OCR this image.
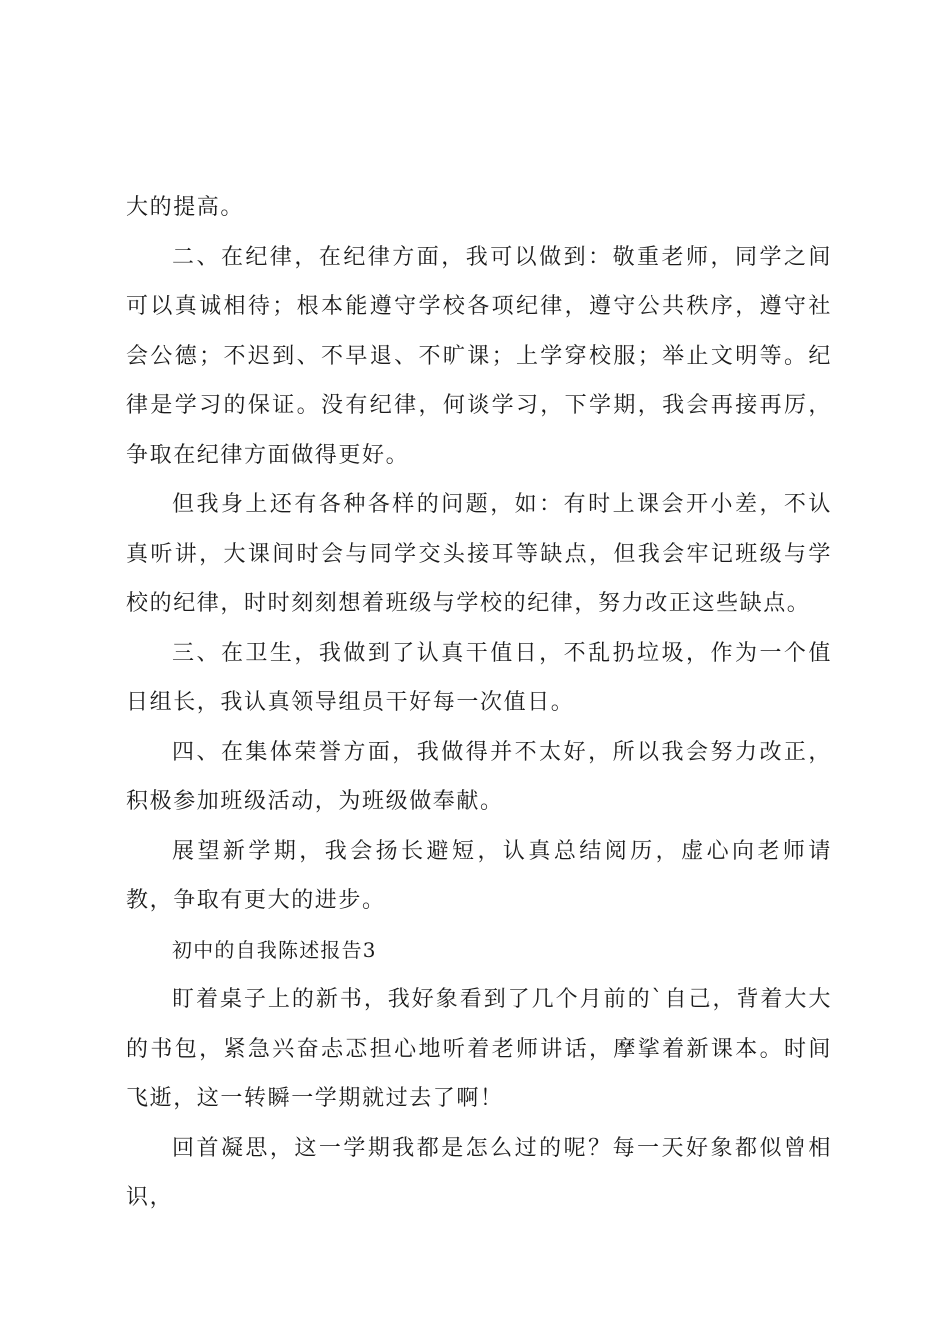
大的提高。

二、在纪律，在纪律方面，我可以做到：敬重老师，同学之间可以真诚相待；根本能遵守学校各项纪律，遵守公共秩序，遵守社会公德；不迟到、不早退、不旷课；上学穿校服；举止文明等。纪律是学习的保证。没有纪律，何谈学习，下学期，我会再接再厉，争取在纪律方面做得更好。

但我身上还有各种各样的问题，如：有时上课会开小差，不认真听讲，大课间时会与同学交头接耳等缺点，但我会牢记班级与学校的纪律，时时刻刻想着班级与学校的纪律，努力改正这些缺点。

三、在卫生，我做到了认真干值日，不乱扔垃圾，作为一个值日组长，我认真领导组员干好每一次值日。

四、在集体荣誉方面，我做得并不太好，所以我会努力改正，积极参加班级活动，为班级做奉献。

展望新学期，我会扬长避短，认真总结阅历，虚心向老师请教，争取有更大的进步。

初中的自我陈述报告3

盯着桌子上的新书，我好象看到了几个月前的`自己，背着大大的书包，紧急兴奋忐忑担心地听着老师讲话，摩挲着新课本。时间飞逝，这一转瞬一学期就过去了啊！

回首凝思，这一学期我都是怎么过的呢？每一天好象都似曾相识，
